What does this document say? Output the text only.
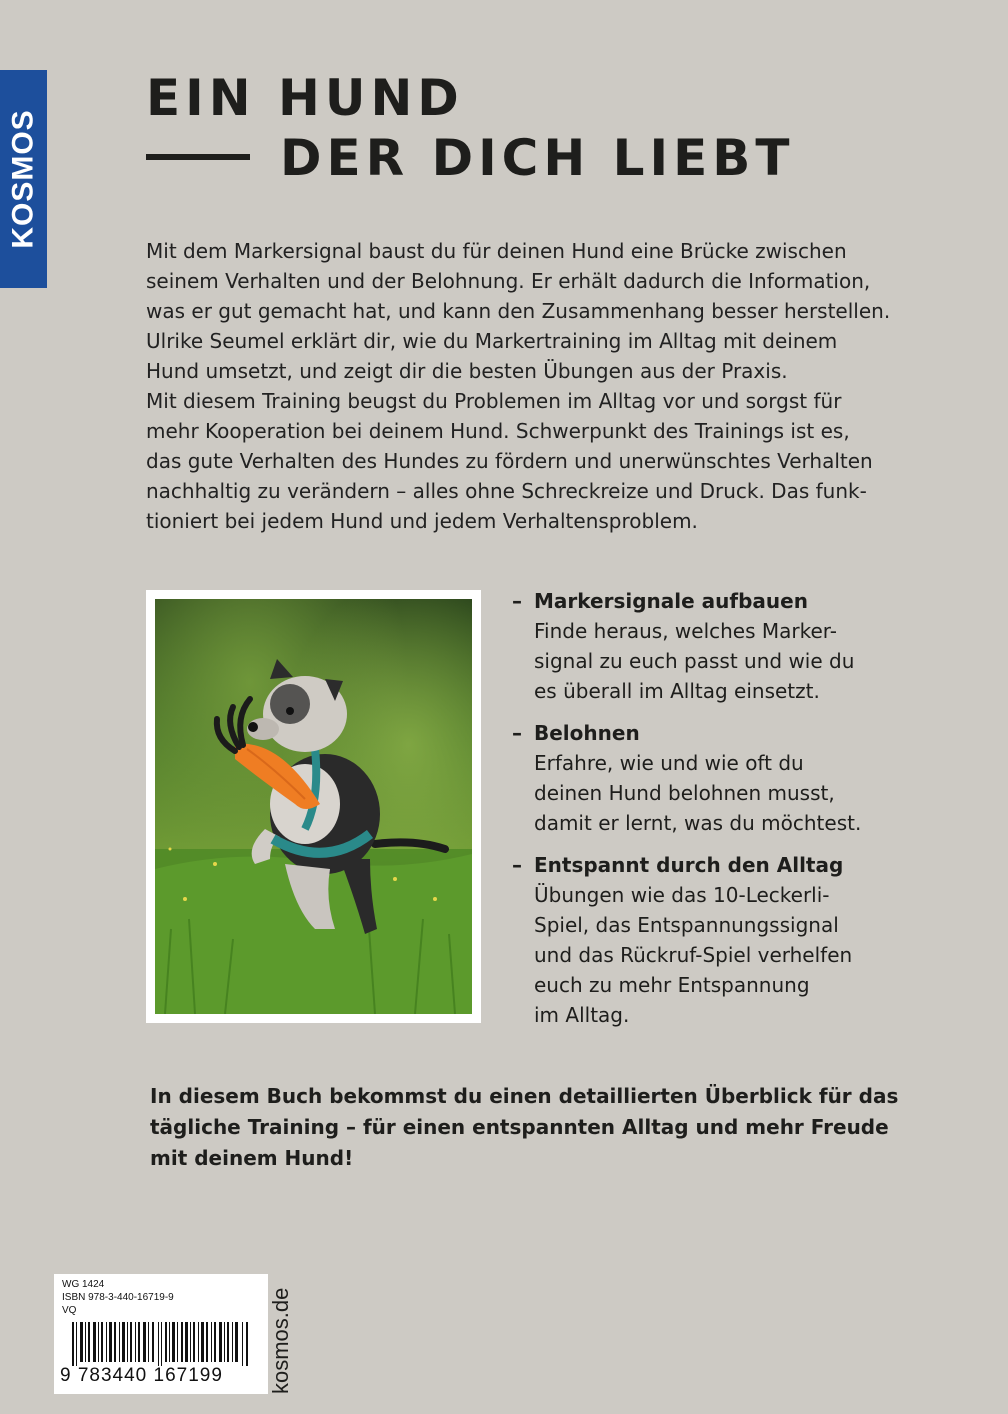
KOSMOS
EIN HUND
DER DICH LIEBT
Mit dem Markersignal baust du für deinen Hund eine Brücke zwischen
seinem Verhalten und der Belohnung. Er erhält dadurch die Information,
was er gut gemacht hat, und kann den Zusammenhang besser herstellen.
Ulrike Seumel erklärt dir, wie du Markertraining im Alltag mit deinem
Hund umsetzt, und zeigt dir die besten Übungen aus der Praxis.
Mit diesem Training beugst du Problemen im Alltag vor und sorgst für
mehr Kooperation bei deinem Hund. Schwerpunkt des Trainings ist es,
das gute Verhalten des Hundes zu fördern und unerwünschtes Verhalten
nachhaltig zu verändern – alles ohne Schreckreize und Druck. Das funk-
tioniert bei jedem Hund und jedem Verhaltensproblem.
– Markersignale aufbauen
Finde heraus, welches Marker-
signal zu euch passt und wie du
es überall im Alltag einsetzt.
– Belohnen
Erfahre, wie und wie oft du
deinen Hund belohnen musst,
damit er lernt, was du möchtest.
– Entspannt durch den Alltag
Übungen wie das 10-Leckerli-
Spiel, das Entspannungssignal
und das Rückruf-Spiel verhelfen
euch zu mehr Entspannung
im Alltag.
In diesem Buch bekommst du einen detaillierten Überblick für das
tägliche Training – für einen entspannten Alltag und mehr Freude
mit deinem Hund!
WG 1424
ISBN 978-3-440-16719-9
VQ
9 783440 167199 kosmos.de
